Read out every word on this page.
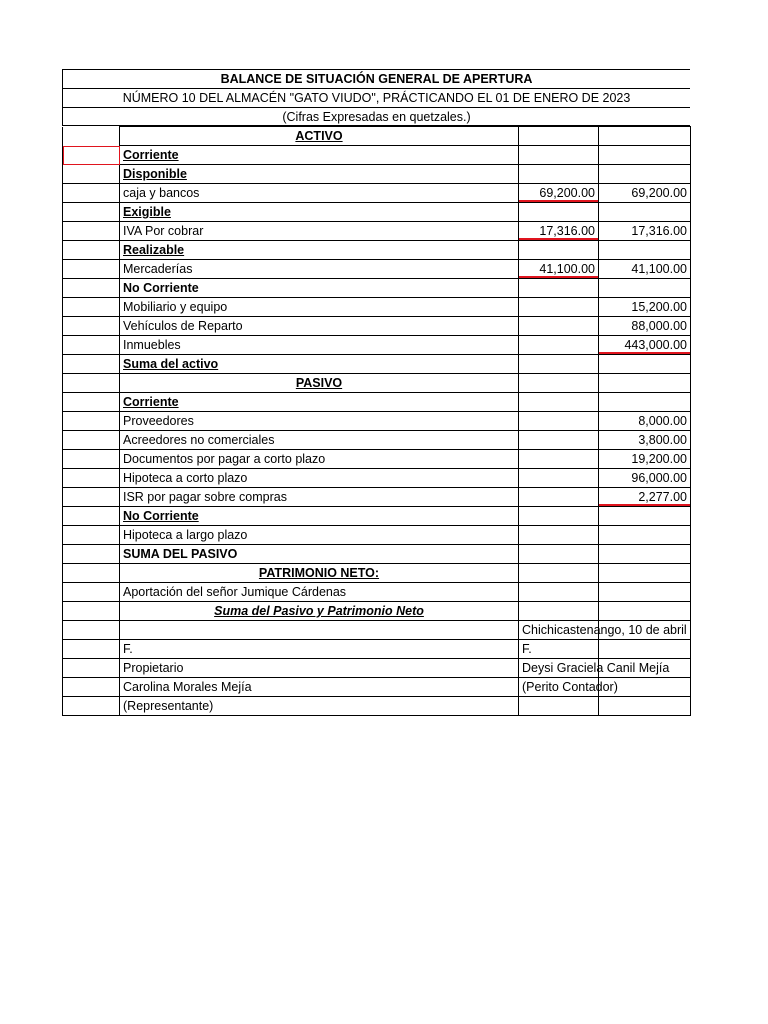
BALANCE DE SITUACIÓN GENERAL DE APERTURA
NÚMERO 10 DEL ALMACÉN "GATO VIUDO", PRÁCTICANDO EL 01 DE ENERO DE 2023
(Cifras Expresadas en quetzales.)
	ACTIVO		
	Corriente		
	Disponible		
	caja y bancos	69,200.00	69,200.00
	Exigible		
	IVA Por cobrar	17,316.00	17,316.00
	Realizable		
	Mercaderías	41,100.00	41,100.00
	No Corriente		
	Mobiliario y equipo		15,200.00
	Vehículos de Reparto		88,000.00
	Inmuebles		443,000.00
	Suma del activo		
	PASIVO		
	Corriente		
	Proveedores		8,000.00
	Acreedores no comerciales		3,800.00
	Documentos por pagar a corto plazo		19,200.00
	Hipoteca a corto plazo		96,000.00
	ISR por pagar sobre compras		2,277.00
	No Corriente		
	Hipoteca a largo plazo		
	SUMA DEL PASIVO		
	PATRIMONIO NETO:		
	Aportación del señor Jumique Cárdenas		
	Suma del Pasivo y Patrimonio Neto		

		Chichicastenango, 10 de abril	

	F.	F.	
	Propietario	Deysi Graciela Canil Mejía	

	Carolina Morales Mejía	(Perito Contador)	

	(Representante)		
